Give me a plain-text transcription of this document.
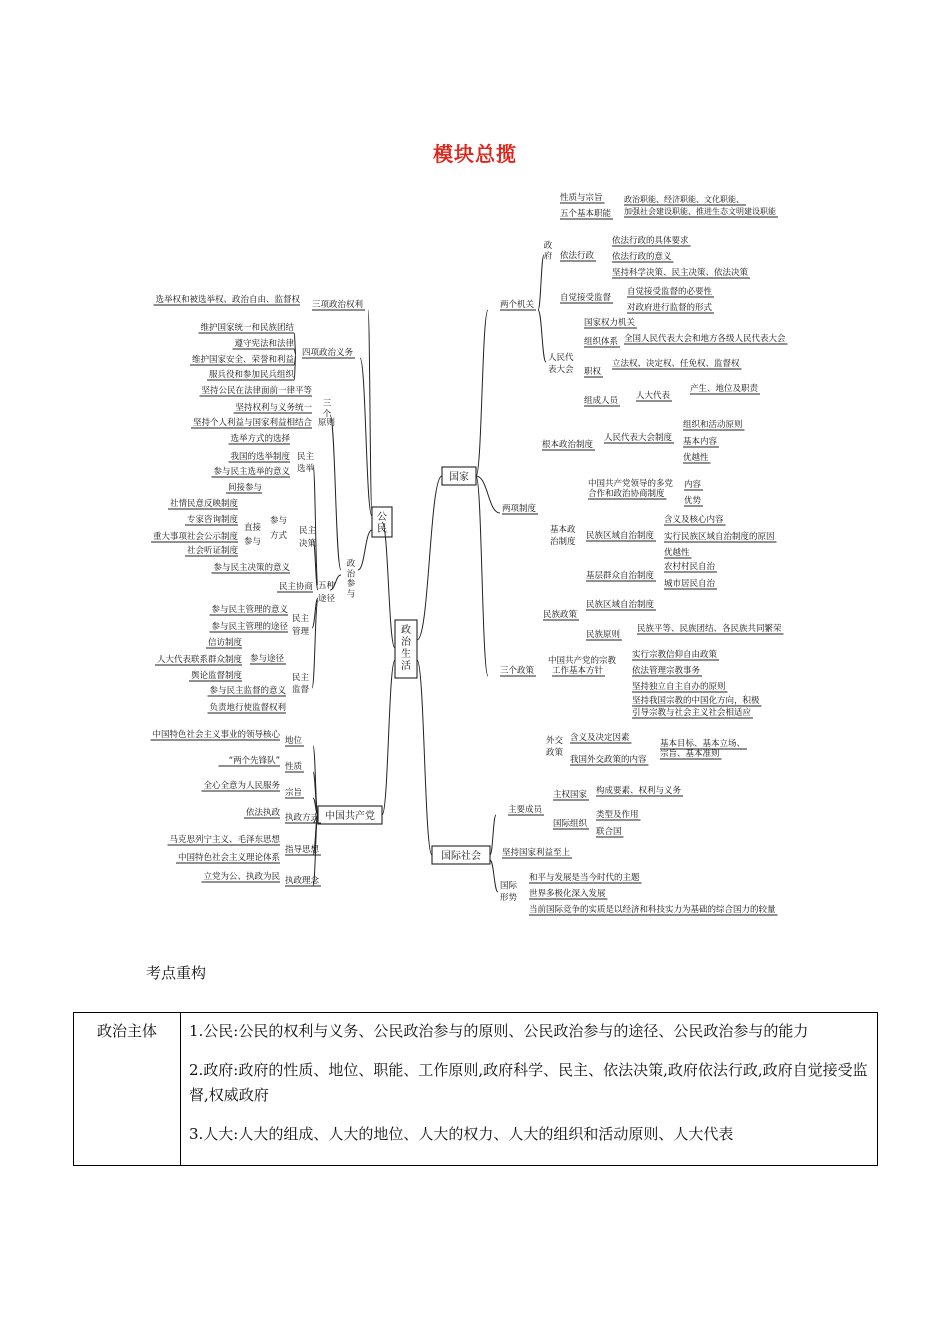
模块总揽
政
治
生
活
公
民
中国共产党
国家
国际社会
三项政治权利
选举权和被选举权、政治自由、监督权
维护国家统一和民族团结
遵守宪法和法律
维护国家安全、荣誉和利益
服兵役和参加民兵组织
四项政治义务
政
治
参
与
三
个
原则
坚持公民在法律面前一律平等
坚持权利与义务统一
坚持个人利益与国家利益相结合
五种
途径
民主
选举
选举方式的选择
我国的选举制度
参与民主选举的意义
民主
决策
参与
方式
间接参与
直接
参与
社情民意反映制度
专家咨询制度
重大事项社会公示制度
社会听证制度
参与民主决策的意义
民主协商
民主
管理
参与民主管理的意义
参与民主管理的途径
民主
监督
参与途径
信访制度
人大代表联系群众制度
舆论监督制度
参与民主监督的意义
负责地行使监督权利
地位
中国特色社会主义事业的领导核心
性质
“两个先锋队”
宗旨
全心全意为人民服务
执政方式
依法执政
指导思想
马克思列宁主义、毛泽东思想
中国特色社会主义理论体系
执政理念
立党为公、执政为民
两个机关
政
府
性质与宗旨
五个基本职能
政治职能、经济职能、文化职能、
加强社会建设职能、推进生态文明建设职能
依法行政
依法行政的具体要求
依法行政的意义
坚持科学决策、民主决策、依法决策
自觉接受监督
自觉接受监督的必要性
对政府进行监督的形式
人民代
表大会
国家权力机关
组织体系 全国人民代表大会和地方各级人民代表大会
职权
立法权、决定权、任免权、监督权
组成人员 人大代表
产生、地位及职责
两项制度
根本政治制度
人民代表大会制度
组织和活动原则
基本内容
优越性
基本政
治制度
中国共产党领导的多党
合作和政治协商制度
内容
优势
民族区域自治制度
含义及核心内容
实行民族区域自治制度的原因
优越性
基层群众自治制度
农村村民自治
城市居民自治
三个政策
民族政策
民族区域自治制度
民族原则
民族平等、民族团结、各民族共同繁荣
中国共产党的宗教
工作基本方针
实行宗教信仰自由政策
依法管理宗教事务
坚持独立自主自办的原则
坚持我国宗教的中国化方向，积极
引导宗教与社会主义社会相适应
外交
政策
含义及决定因素
我国外交政策的内容
基本目标、基本立场、
宗旨、基本准则
主要成员
主权国家 构成要素、权利与义务
国际组织
类型及作用
联合国
坚持国家利益至上
国际
形势
和平与发展是当今时代的主题
世界多极化深入发展
当前国际竞争的实质是以经济和科技实力为基础的综合国力的较量
考点重构
政治主体	1.公民:公民的权利与义务、公民政治参与的原则、公民政治参与的途径、公民政治参与的能力

2.政府:政府的性质、地位、职能、工作原则,政府科学、民主、依法决策,政府依法行政,政府自觉接受监督,权威政府

3.人大:人大的组成、人大的地位、人大的权力、人大的组织和活动原则、人大代表
